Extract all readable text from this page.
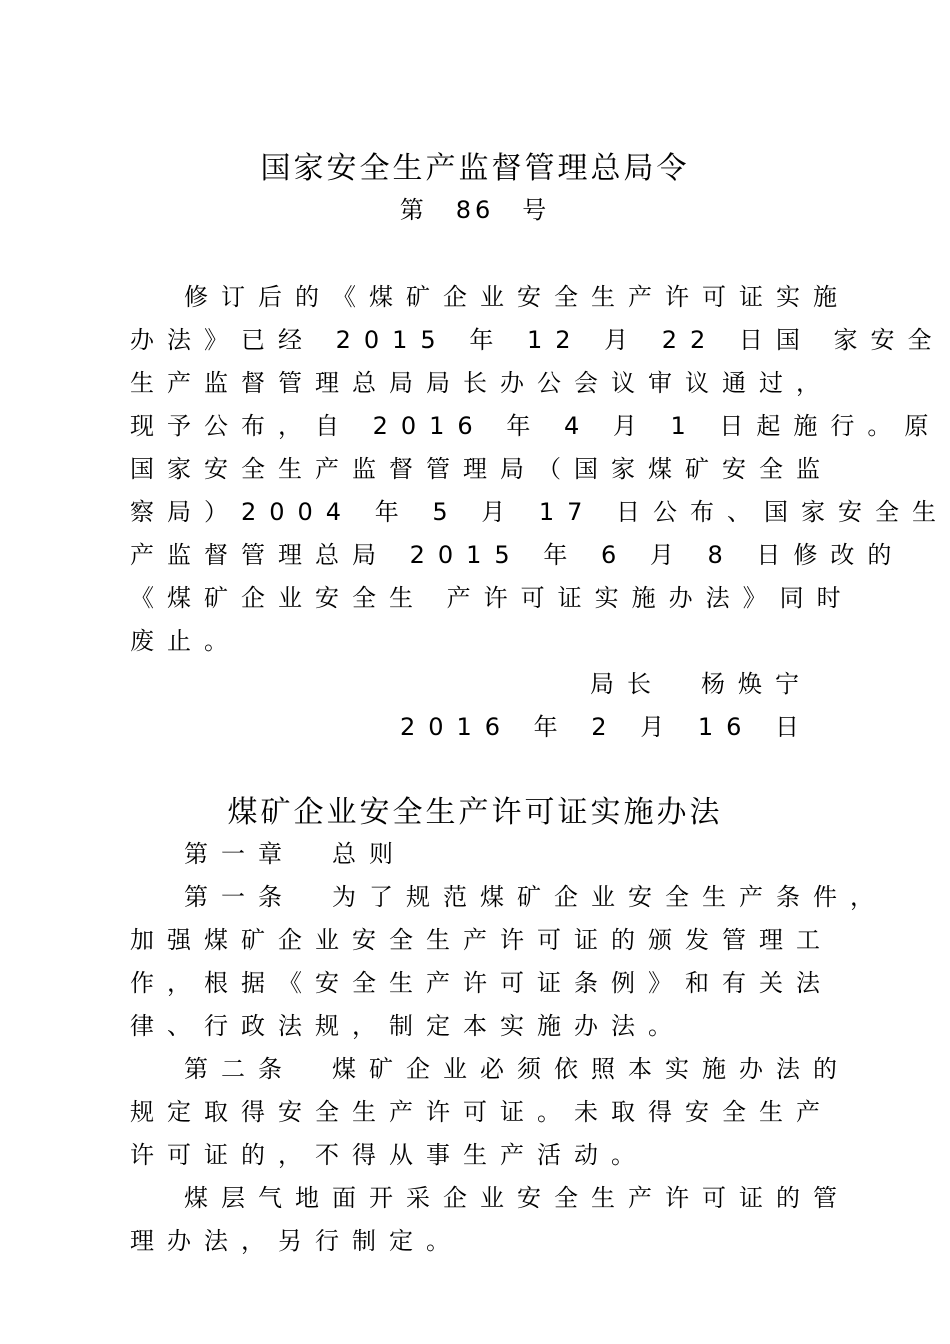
国家安全生产监督管理总局令
第　86　号
修订后的《煤矿企业安全生产许可证实施
办法》已经 2015 年 12 月 22 日国 家安全
生产监督管理总局局长办公会议审议通过，
现予公布，自 2016 年 4 月 1 日起施行。原
国家安全生产监督管理局（国家煤矿安全监
察局）2004 年 5 月 17 日公布、国家安全生
产监督管理总局 2015 年 6 月 8 日修改的
《煤矿企业安全生 产许可证实施办法》同时
废止。
局长　杨焕宁
2016 年 2 月 16 日
煤矿企业安全生产许可证实施办法
第一章　总则
第一条　为了规范煤矿企业安全生产条件，
加强煤矿企业安全生产许可证的颁发管理工
作，根据《安全生产许可证条例》和有关法
律、行政法规，制定本实施办法。
第二条　煤矿企业必须依照本实施办法的
规定取得安全生产许可证。未取得安全生产
许可证的，不得从事生产活动。
煤层气地面开采企业安全生产许可证的管
理办法，另行制定。
